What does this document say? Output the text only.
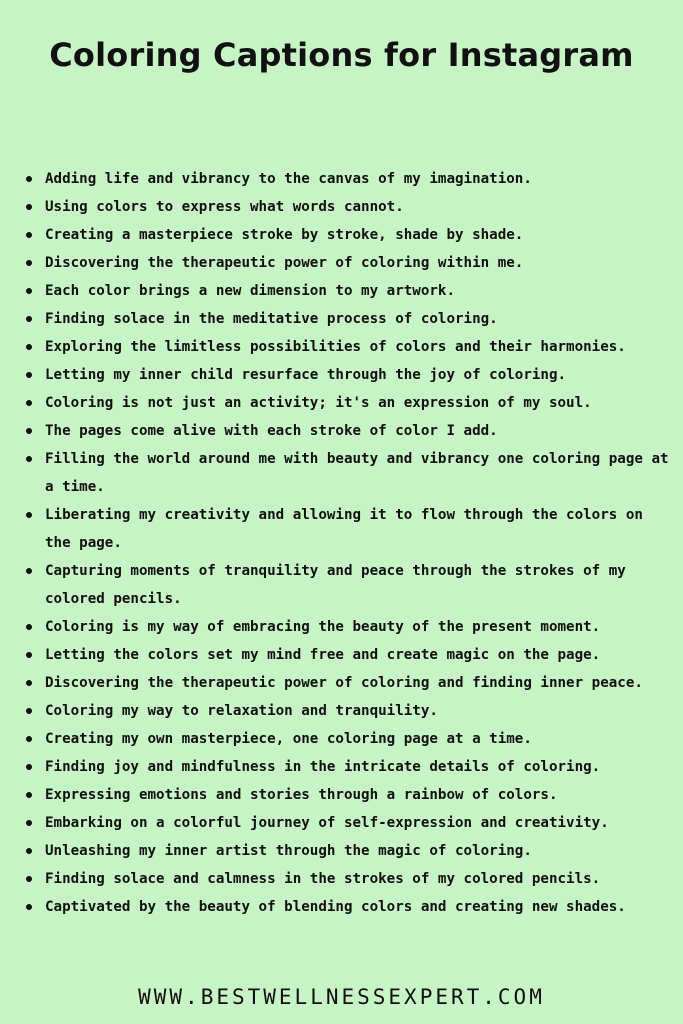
Coloring Captions for Instagram
Adding life and vibrancy to the canvas of my imagination.
Using colors to express what words cannot.
Creating a masterpiece stroke by stroke, shade by shade.
Discovering the therapeutic power of coloring within me.
Each color brings a new dimension to my artwork.
Finding solace in the meditative process of coloring.
Exploring the limitless possibilities of colors and their harmonies.
Letting my inner child resurface through the joy of coloring.
Coloring is not just an activity; it's an expression of my soul.
The pages come alive with each stroke of color I add.
Filling the world around me with beauty and vibrancy one coloring page at a time.
Liberating my creativity and allowing it to flow through the colors on the page.
Capturing moments of tranquility and peace through the strokes of my colored pencils.
Coloring is my way of embracing the beauty of the present moment.
Letting the colors set my mind free and create magic on the page.
Discovering the therapeutic power of coloring and finding inner peace.
Coloring my way to relaxation and tranquility.
Creating my own masterpiece, one coloring page at a time.
Finding joy and mindfulness in the intricate details of coloring.
Expressing emotions and stories through a rainbow of colors.
Embarking on a colorful journey of self-expression and creativity.
Unleashing my inner artist through the magic of coloring.
Finding solace and calmness in the strokes of my colored pencils.
Captivated by the beauty of blending colors and creating new shades.
WWW.BESTWELLNESSEXPERT.COM
